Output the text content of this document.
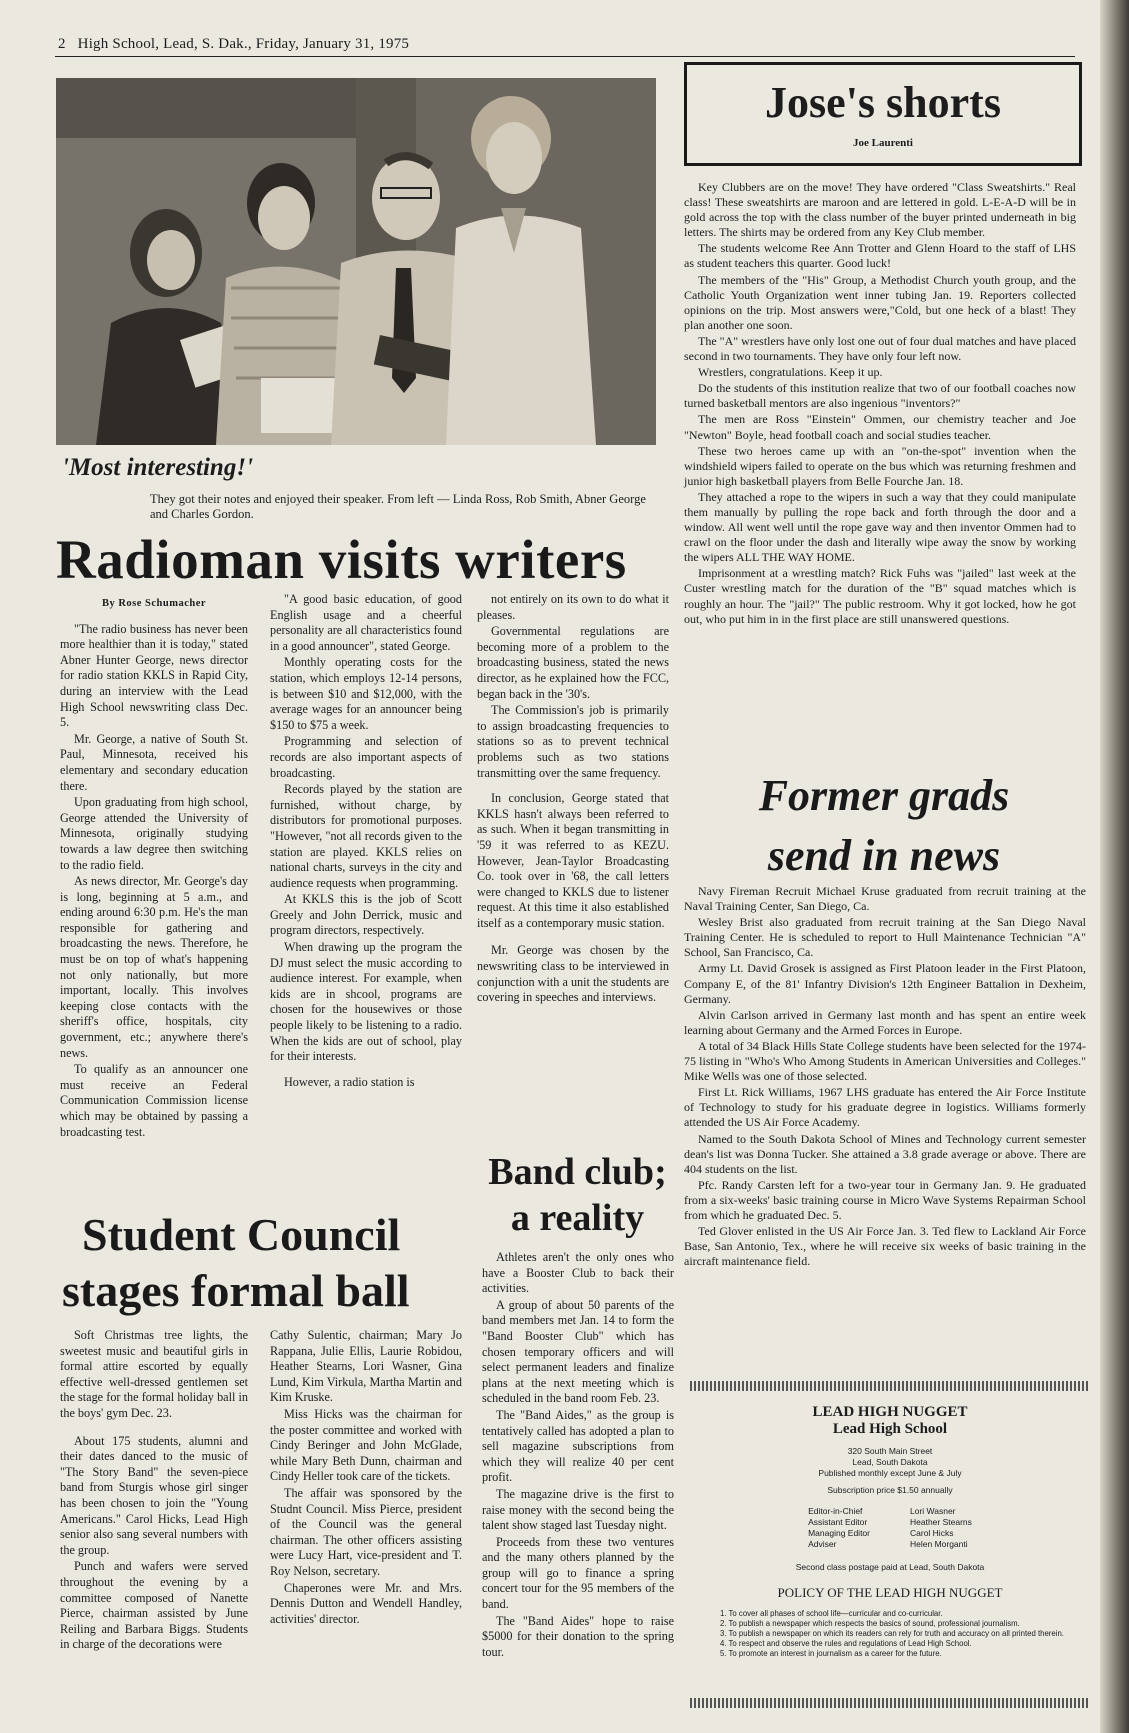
2 High School, Lead, S. Dak., Friday, January 31, 1975
'Most interesting!'
They got their notes and enjoyed their speaker. From left — Linda Ross, Rob Smith, Abner George and Charles Gordon.
Radioman visits writers
By Rose Schumacher

"The radio business has never been more healthier than it is today," stated Abner Hunter George, news director for radio station KKLS in Rapid City, during an interview with the Lead High School newswriting class Dec. 5.

Mr. George, a native of South St. Paul, Minnesota, received his elementary and secondary education there.

Upon graduating from high school, George attended the University of Minnesota, originally studying towards a law degree then switching to the radio field.

As news director, Mr. George's day is long, beginning at 5 a.m., and ending around 6:30 p.m. He's the man responsible for gathering and broadcasting the news. Therefore, he must be on top of what's happening not only nationally, but more important, locally. This involves keeping close contacts with the sheriff's office, hospitals, city government, etc.; anywhere there's news.

To qualify as an announcer one must receive an Federal Communication Commission license which may be obtained by passing a broadcasting test.

"A good basic education, of good English usage and a cheerful personality are all characteristics found in a good announcer", stated George.

Monthly operating costs for the station, which employs 12-14 persons, is between $10 and $12,000, with the average wages for an announcer being $150 to $75 a week.

Programming and selection of records are also important aspects of broadcasting.

Records played by the station are furnished, without charge, by distributors for promotional purposes. "However, "not all records given to the station are played. KKLS relies on national charts, surveys in the city and audience requests when programming.

At KKLS this is the job of Scott Greely and John Derrick, music and program directors, respectively.

When drawing up the program the DJ must select the music according to audience interest. For example, when kids are in shcool, programs are chosen for the housewives or those people likely to be listening to a radio. When the kids are out of school, play for their interests.

However, a radio station is

not entirely on its own to do what it pleases.

Governmental regulations are becoming more of a problem to the broadcasting business, stated the news director, as he explained how the FCC, began back in the '30's.

The Commission's job is primarily to assign broadcasting frequencies to stations so as to prevent technical problems such as two stations transmitting over the same frequency.

In conclusion, George stated that KKLS hasn't always been referred to as such. When it began transmitting in '59 it was referred to as KEZU. However, Jean-Taylor Broadcasting Co. took over in '68, the call letters were changed to KKLS due to listener request. At this time it also established itself as a contemporary music station.

Mr. George was chosen by the newswriting class to be interviewed in conjunction with a unit the students are covering in speeches and interviews.

Student Council
stages formal ball

Soft Christmas tree lights, the sweetest music and beautiful girls in formal attire escorted by equally effective well-dressed gentlemen set the stage for the formal holiday ball in the boys' gym Dec. 23.

About 175 students, alumni and their dates danced to the music of "The Story Band" the seven-piece band from Sturgis whose girl singer has been chosen to join the "Young Americans." Carol Hicks, Lead High senior also sang several numbers with the group.

Punch and wafers were served throughout the evening by a committee composed of Nanette Pierce, chairman assisted by June Reiling and Barbara Biggs. Students in charge of the decorations were

Cathy Sulentic, chairman; Mary Jo Rappana, Julie Ellis, Laurie Robidou, Heather Stearns, Lori Wasner, Gina Lund, Kim Virkula, Martha Martin and Kim Kruske.

Miss Hicks was the chairman for the poster committee and worked with Cindy Beringer and John McGlade, while Mary Beth Dunn, chairman and Cindy Heller took care of the tickets.

The affair was sponsored by the Studnt Council. Miss Pierce, president of the Council was the general chairman. The other officers assisting were Lucy Hart, vice-president and T. Roy Nelson, secretary.

Chaperones were Mr. and Mrs. Dennis Dutton and Wendell Handley, activities' director.

Band club;
a reality

Athletes aren't the only ones who have a Booster Club to back their activities.

A group of about 50 parents of the band members met Jan. 14 to form the "Band Booster Club" which has chosen temporary officers and will select permanent leaders and finalize plans at the next meeting which is scheduled in the band room Feb. 23.

The "Band Aides," as the group is tentatively called has adopted a plan to sell magazine subscriptions from which they will realize 40 per cent profit.

The magazine drive is the first to raise money with the second being the talent show staged last Tuesday night.

Proceeds from these two ventures and the many others planned by the group will go to finance a spring concert tour for the 95 members of the band.

The "Band Aides" hope to raise $5000 for their donation to the spring tour.

Jose's shorts
Joe Laurenti

Key Clubbers are on the move! They have ordered "Class Sweatshirts." Real class! These sweatshirts are maroon and are lettered in gold. L-E-A-D will be in gold across the top with the class number of the buyer printed underneath in big letters. The shirts may be ordered from any Key Club member.

The students welcome Ree Ann Trotter and Glenn Hoard to the staff of LHS as student teachers this quarter. Good luck!

The members of the "His" Group, a Methodist Church youth group, and the Catholic Youth Organization went inner tubing Jan. 19. Reporters collected opinions on the trip. Most answers were,"Cold, but one heck of a blast! They plan another one soon.

The "A" wrestlers have only lost one out of four dual matches and have placed second in two tournaments. They have only four left now.

Wrestlers, congratulations. Keep it up.

Do the students of this institution realize that two of our football coaches now turned basketball mentors are also ingenious "inventors?"

The men are Ross "Einstein" Ommen, our chemistry teacher and Joe "Newton" Boyle, head football coach and social studies teacher.

These two heroes came up with an "on-the-spot" invention when the windshield wipers failed to operate on the bus which was returning freshmen and junior high basketball players from Belle Fourche Jan. 18.

They attached a rope to the wipers in such a way that they could manipulate them manually by pulling the rope back and forth through the door and a window. All went well until the rope gave way and then inventor Ommen had to crawl on the floor under the dash and literally wipe away the snow by working the wipers ALL THE WAY HOME.

Imprisonment at a wrestling match? Rick Fuhs was "jailed" last week at the Custer wrestling match for the duration of the "B" squad matches which is roughly an hour. The "jail?" The public restroom. Why it got locked, how he got out, who put him in in the first place are still unanswered questions.

Former grads
send in news

Navy Fireman Recruit Michael Kruse graduated from recruit training at the Naval Training Center, San Diego, Ca.

Wesley Brist also graduated from recruit training at the San Diego Naval Training Center. He is scheduled to report to Hull Maintenance Technician "A" School, San Francisco, Ca.

Army Lt. David Grosek is assigned as First Platoon leader in the First Platoon, Company E, of the 81' Infantry Division's 12th Engineer Battalion in Dexheim, Germany.

Alvin Carlson arrived in Germany last month and has spent an entire week learning about Germany and the Armed Forces in Europe.

A total of 34 Black Hills State College students have been selected for the 1974-75 listing in "Who's Who Among Students in American Universities and Colleges." Mike Wells was one of those selected.

First Lt. Rick Williams, 1967 LHS graduate has entered the Air Force Institute of Technology to study for his graduate degree in logistics. Williams formerly attended the US Air Force Academy.

Named to the South Dakota School of Mines and Technology current semester dean's list was Donna Tucker. She attained a 3.8 grade average or above. There are 404 students on the list.

Pfc. Randy Carsten left for a two-year tour in Germany Jan. 9. He graduated from a six-weeks' basic training course in Micro Wave Systems Repairman School from which he graduated Dec. 5.

Ted Glover enlisted in the US Air Force Jan. 3. Ted flew to Lackland Air Force Base, San Antonio, Tex., where he will receive six weeks of basic training in the aircraft maintenance field.

LEAD HIGH NUGGET
Lead High School
320 South Main Street
Lead, South Dakota
Published monthly except June & July
Subscription price $1.50 annually
Editor-in-Chief
Assistant Editor
Managing Editor
Adviser
Lori Wasner
Heather Stearns
Carol Hicks
Helen Morganti
Second class postage paid at Lead, South Dakota
POLICY OF THE LEAD HIGH NUGGET
1. To cover all phases of school life—curricular and co-curricular.
2. To publish a newspaper which respects the basics of sound, professional journalism.
3. To publish a newspaper on which its readers can rely for truth and accuracy on all printed therein.
4. To respect and observe the rules and regulations of Lead High School.
5. To promote an interest in journalism as a career for the future.
